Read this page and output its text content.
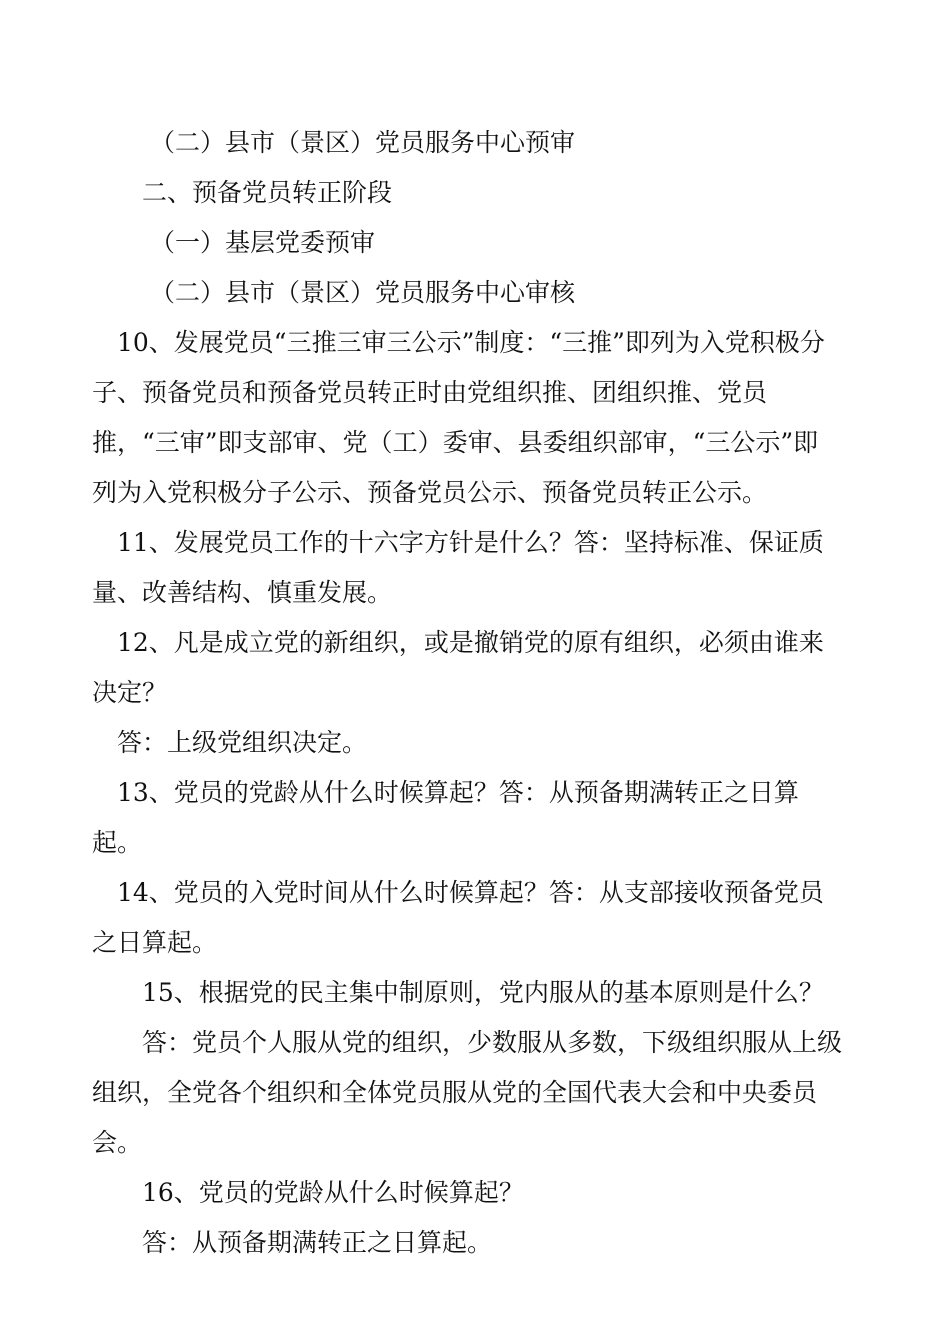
（二）县市（景区）党员服务中心预审

二、预备党员转正阶段

（一）基层党委预审

（二）县市（景区）党员服务中心审核

10、发展党员“三推三审三公示”制度：“三推”即列为入党积极分子、预备党员和预备党员转正时由党组织推、团组织推、党员推，“三审”即支部审、党（工）委审、县委组织部审，“三公示”即列为入党积极分子公示、预备党员公示、预备党员转正公示。

11、发展党员工作的十六字方针是什么？答：坚持标准、保证质量、改善结构、慎重发展。

12、凡是成立党的新组织，或是撤销党的原有组织，必须由谁来决定？

答：上级党组织决定。

13、党员的党龄从什么时候算起？答：从预备期满转正之日算起。

14、党员的入党时间从什么时候算起？答：从支部接收预备党员之日算起。

15、根据党的民主集中制原则，党内服从的基本原则是什么？

答：党员个人服从党的组织，少数服从多数，下级组织服从上级组织，全党各个组织和全体党员服从党的全国代表大会和中央委员会。

16、党员的党龄从什么时候算起？

答：从预备期满转正之日算起。
